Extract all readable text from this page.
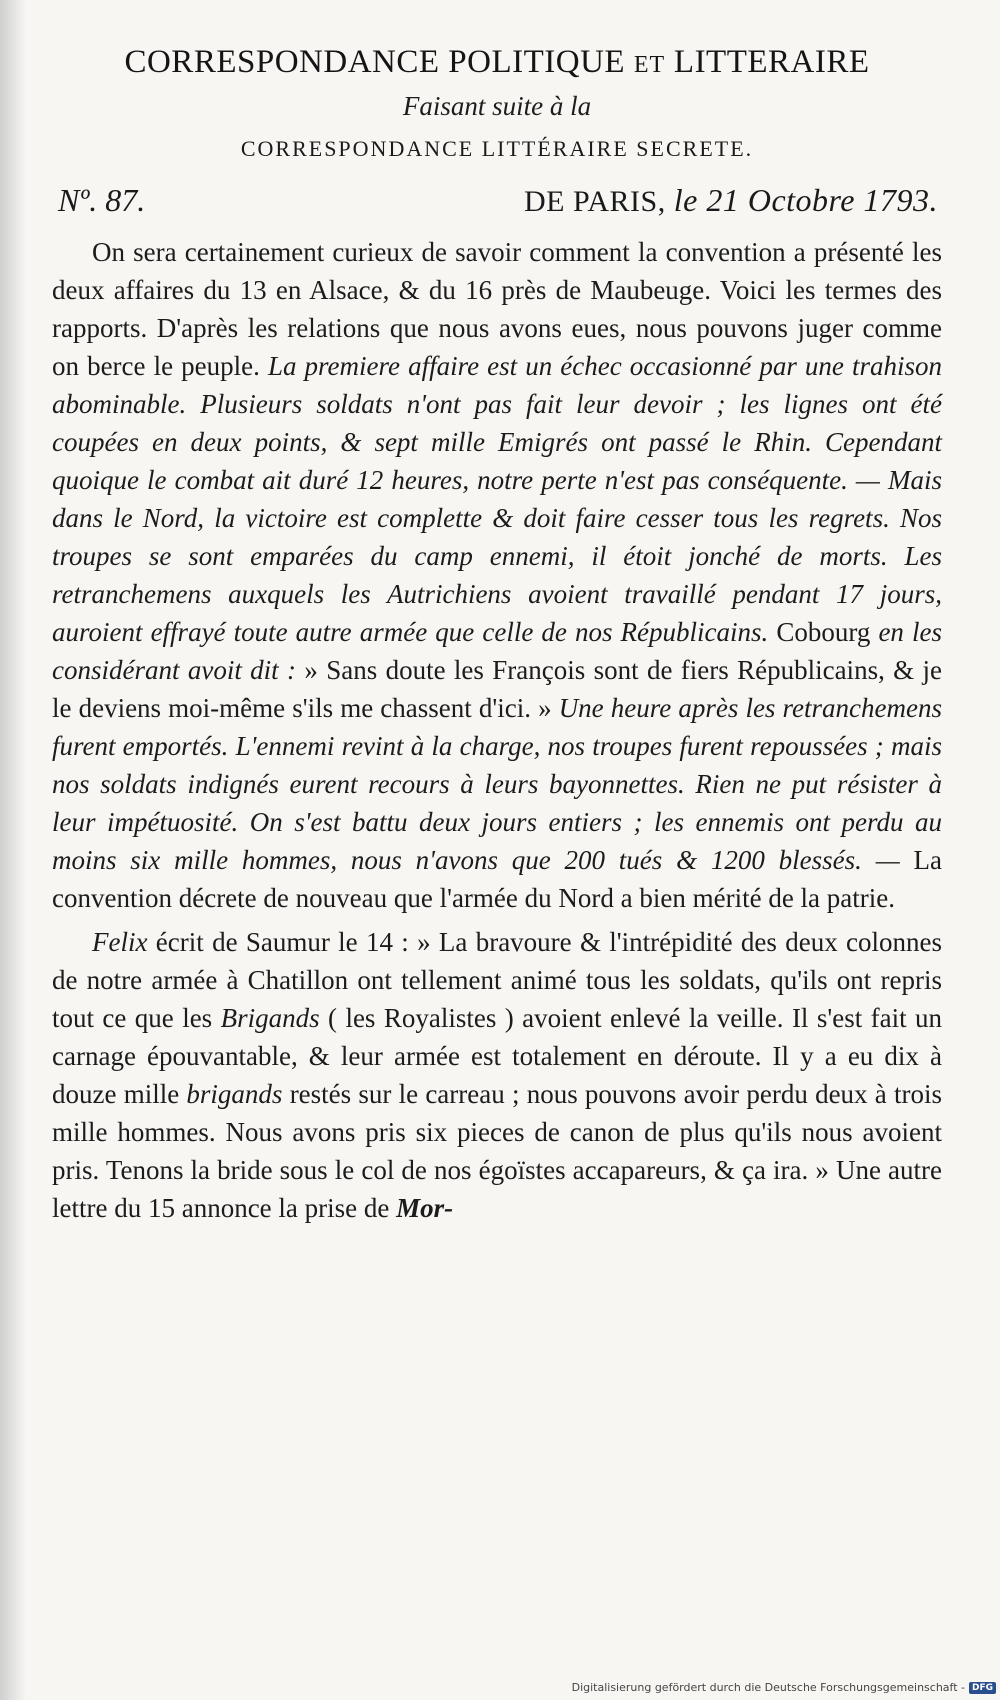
CORRESPONDANCE POLITIQUE ET LITTERAIRE
Faisant suite à la
CORRESPONDANCE LITTÉRAIRE SECRETE.
Nº. 87.	DE PARIS, le 21 Octobre 1793.

On sera certainement curieux de savoir comment la convention a présenté les deux affaires du 13 en Alsace, & du 16 près de Maubeuge. Voici les termes des rapports. D'après les relations que nous avons eues, nous pouvons juger comme on berce le peuple. La premiere affaire est un échec occasionné par une trahison abominable. Plusieurs soldats n'ont pas fait leur devoir ; les lignes ont été coupées en deux points, & sept mille Emigrés ont passé le Rhin. Cependant quoique le combat ait duré 12 heures, notre perte n'est pas conséquente. — Mais dans le Nord, la victoire est complette & doit faire cesser tous les regrets. Nos troupes se sont emparées du camp ennemi, il étoit jonché de morts. Les retranchemens auxquels les Autrichiens avoient travaillé pendant 17 jours, auroient effrayé toute autre armée que celle de nos Républicains. Cobourg en les considérant avoit dit : » Sans doute les François sont de fiers Républicains, & je le deviens moi-même s'ils me chassent d'ici. » Une heure après les retranchemens furent emportés. L'ennemi revint à la charge, nos troupes furent repoussées ; mais nos soldats indignés eurent recours à leurs bayonnettes. Rien ne put résister à leur impétuosité. On s'est battu deux jours entiers ; les ennemis ont perdu au moins six mille hommes, nous n'avons que 200 tués & 1200 blessés. — La convention décrete de nouveau que l'armée du Nord a bien mérité de la patrie.

Felix écrit de Saumur le 14 : » La bravoure & l'intrépidité des deux colonnes de notre armée à Chatillon ont tellement animé tous les soldats, qu'ils ont repris tout ce que les Brigands ( les Royalistes ) avoient enlevé la veille. Il s'est fait un carnage épouvantable, & leur armée est totalement en déroute. Il y a eu dix à douze mille brigands restés sur le carreau ; nous pouvons avoir perdu deux à trois mille hommes. Nous avons pris six pieces de canon de plus qu'ils nous avoient pris. Tenons la bride sous le col de nos égoïstes accapareurs, & ça ira. » Une autre lettre du 15 annonce la prise de Mor-

Digitalisierung gefördert durch die Deutsche Forschungsgemeinschaft - DFG
